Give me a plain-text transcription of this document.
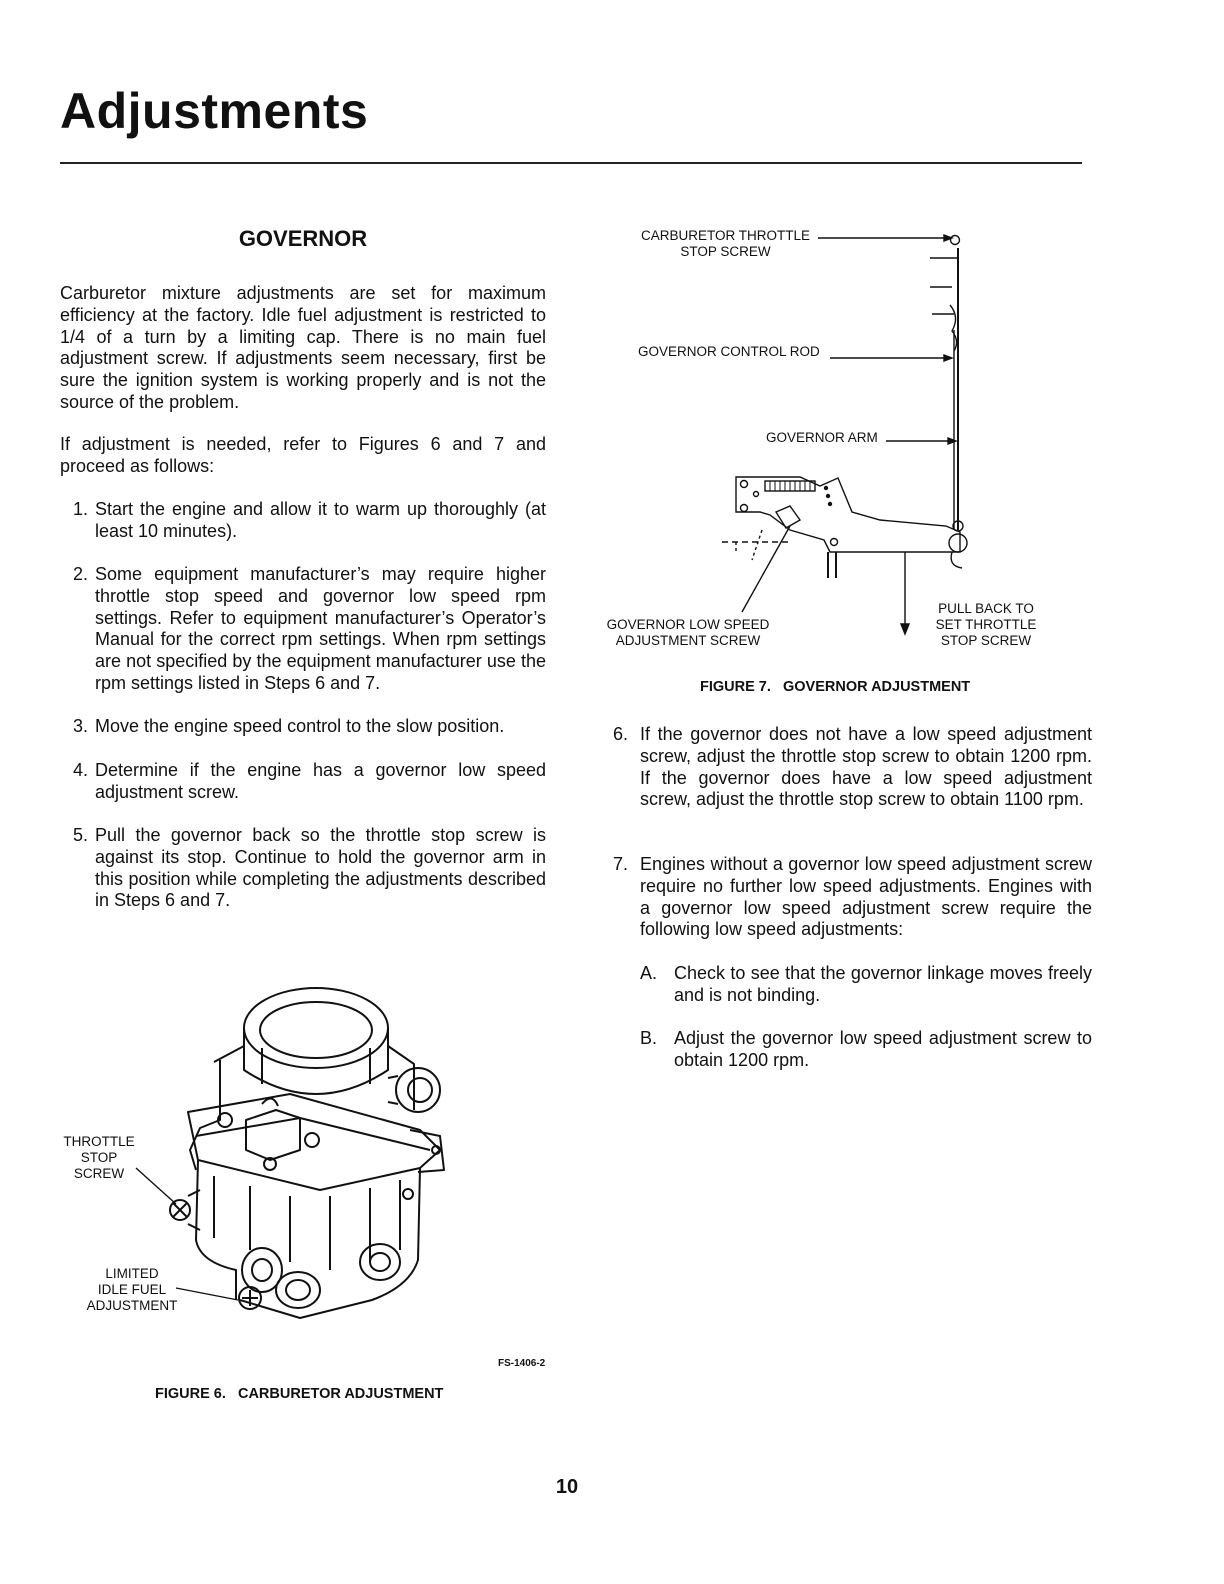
Adjustments
GOVERNOR

Carburetor mixture adjustments are set for maximum efficiency at the factory. Idle fuel adjustment is restricted to 1/4 of a turn by a limiting cap. There is no main fuel adjustment screw. If adjustments seem necessary, first be sure the ignition system is working properly and is not the source of the problem.

If adjustment is needed, refer to Figures 6 and 7 and proceed as follows:

1. Start the engine and allow it to warm up thoroughly (at least 10 minutes).
2. Some equipment manufacturer’s may require higher throttle stop speed and governor low speed rpm settings. Refer to equipment manufacturer’s Operator’s Manual for the correct rpm settings. When rpm settings are not specified by the equipment manufacturer use the rpm settings listed in Steps 6 and 7.
3. Move the engine speed control to the slow position.
4. Determine if the engine has a governor low speed adjustment screw.
5. Pull the governor back so the throttle stop screw is against its stop. Continue to hold the governor arm in this position while completing the adjustments described in Steps 6 and 7.
6. If the governor does not have a low speed adjustment screw, adjust the throttle stop screw to obtain 1200 rpm. If the governor does have a low speed adjustment screw, adjust the throttle stop screw to obtain 1100 rpm.
7. Engines without a governor low speed adjustment screw require no further low speed adjustments. Engines with a governor low speed adjustment screw require the following low speed adjustments:
A. Check to see that the governor linkage moves freely and is not binding.
B. Adjust the governor low speed adjustment screw to obtain 1200 rpm.
CARBURETOR THROTTLE
STOP SCREW
GOVERNOR CONTROL ROD
GOVERNOR ARM
GOVERNOR LOW SPEED
ADJUSTMENT SCREW
PULL BACK TO
SET THROTTLE
STOP SCREW
FIGURE 7.   GOVERNOR ADJUSTMENT
THROTTLE
STOP
SCREW
LIMITED
IDLE FUEL
ADJUSTMENT
FS-1406-2
FIGURE 6.   CARBURETOR ADJUSTMENT
10
